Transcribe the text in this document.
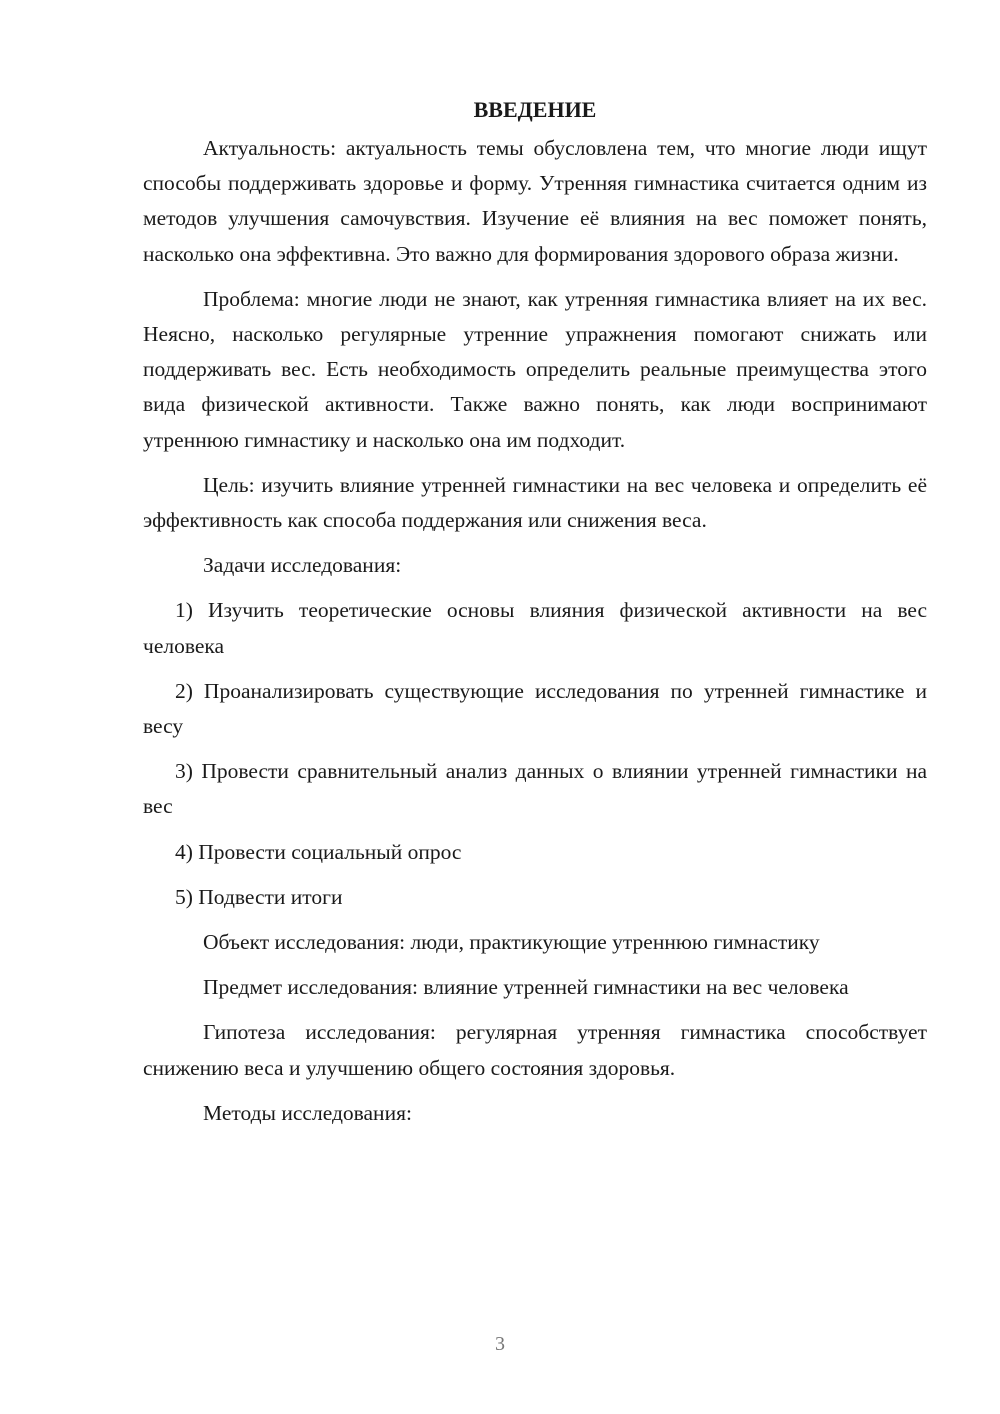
ВВЕДЕНИЕ

Актуальность: актуальность темы обусловлена тем, что многие люди ищут способы поддерживать здоровье и форму. Утренняя гимнастика считается одним из методов улучшения самочувствия. Изучение её влияния на вес поможет понять, насколько она эффективна. Это важно для формирования здорового образа жизни.

Проблема: многие люди не знают, как утренняя гимнастика влияет на их вес. Неясно, насколько регулярные утренние упражнения помогают снижать или поддерживать вес. Есть необходимость определить реальные преимущества этого вида физической активности. Также важно понять, как люди воспринимают утреннюю гимнастику и насколько она им подходит.

Цель: изучить влияние утренней гимнастики на вес человека и определить её эффективность как способа поддержания или снижения веса.

Задачи исследования:

1) Изучить теоретические основы влияния физической активности на вес человека

2) Проанализировать существующие исследования по утренней гимнастике и весу

3) Провести сравнительный анализ данных о влиянии утренней гимнастики на вес

4) Провести социальный опрос

5) Подвести итоги

Объект исследования: люди, практикующие утреннюю гимнастику

Предмет исследования: влияние утренней гимнастики на вес человека

Гипотеза исследования: регулярная утренняя гимнастика способствует снижению веса и улучшению общего состояния здоровья.

Методы исследования:

3
